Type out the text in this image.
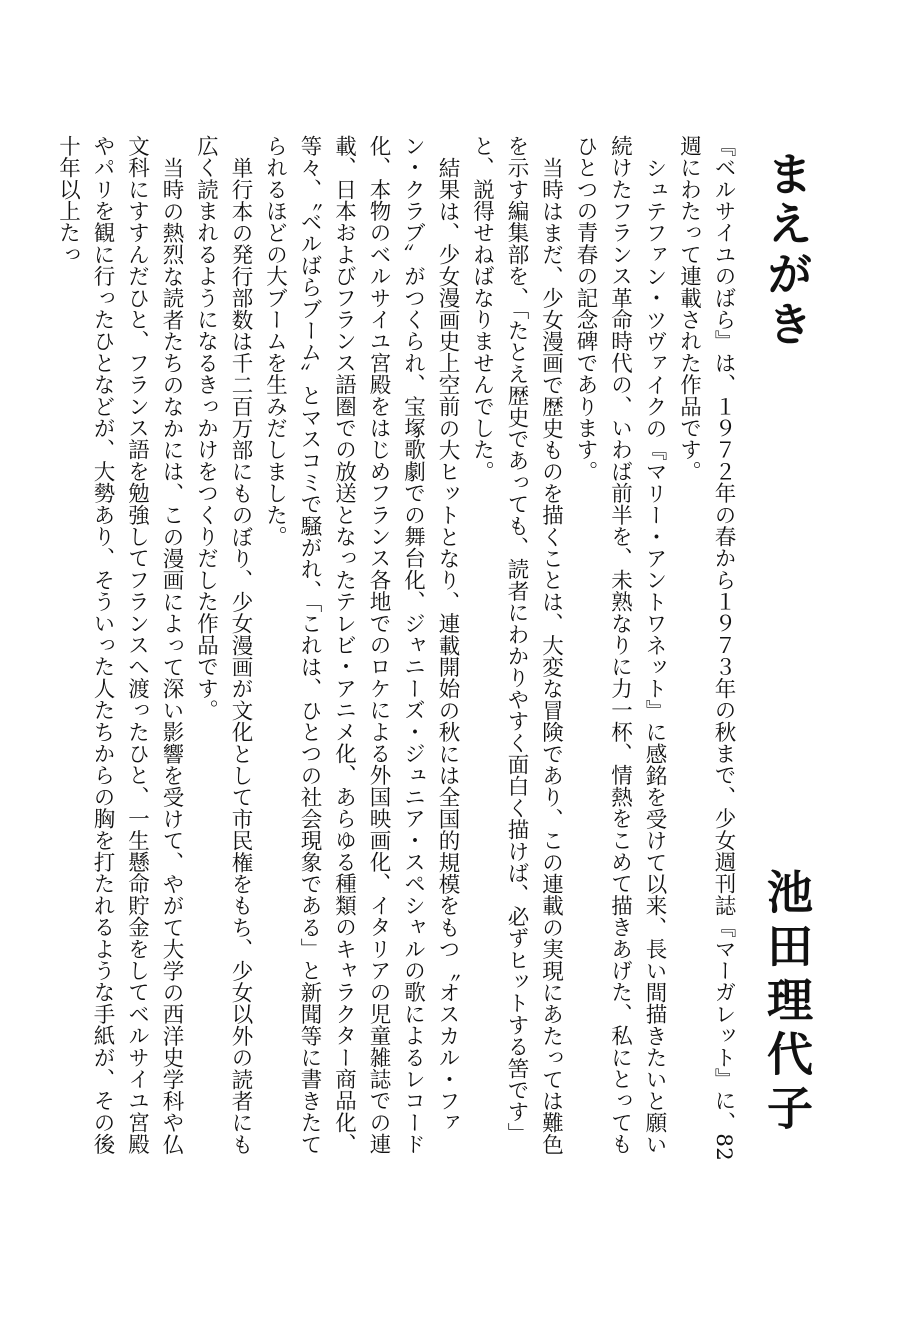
まえがき
池田理代子

『ベルサイユのばら』は、１９７２年の春から１９７３年の秋まで、少女週刊誌『マーガレット』に、82週にわたって連載された作品です。

シュテファン・ツヴァイクの『マリー・アントワネット』に感銘を受けて以来、長い間描きたいと願い続けたフランス革命時代の、いわば前半を、未熟なりに力一杯、情熱をこめて描きあげた、私にとってもひとつの青春の記念碑であります。

当時はまだ、少女漫画で歴史ものを描くことは、大変な冒険であり、この連載の実現にあたっては難色を示す編集部を、「たとえ歴史であっても、読者にわかりやすく面白く描けば、必ずヒットする筈です」と、説得せねばなりませんでした。

結果は、少女漫画史上空前の大ヒットとなり、連載開始の秋には全国的規模をもつ〝オスカル・ファン・クラブ〟がつくられ、宝塚歌劇での舞台化、ジャニーズ・ジュニア・スペシャルの歌によるレコード化、本物のベルサイユ宮殿をはじめフランス各地でのロケによる外国映画化、イタリアの児童雑誌での連載、日本およびフランス語圏での放送となったテレビ・アニメ化、あらゆる種類のキャラクター商品化、等々、〝ベルばらブーム〟とマスコミで騒がれ、「これは、ひとつの社会現象である」と新聞等に書きたてられるほどの大ブームを生みだしました。

単行本の発行部数は千二百万部にものぼり、少女漫画が文化として市民権をもち、少女以外の読者にも広く読まれるようになるきっかけをつくりだした作品です。

当時の熱烈な読者たちのなかには、この漫画によって深い影響を受けて、やがて大学の西洋史学科や仏文科にすすんだひと、フランス語を勉強してフランスへ渡ったひと、一生懸命貯金をしてベルサイユ宮殿やパリを観に行ったひとなどが、大勢あり、そういった人たちからの胸を打たれるような手紙が、その後十年以上たっ
